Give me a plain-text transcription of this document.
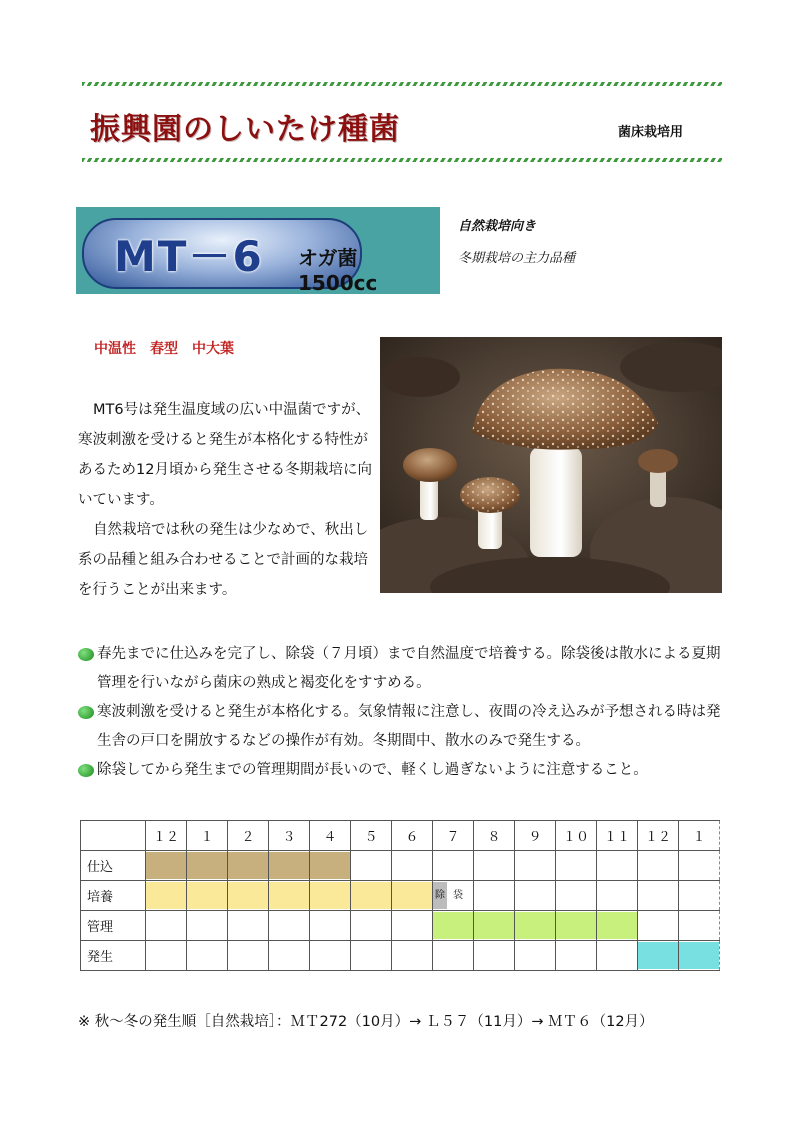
振興園のしいたけ種菌	菌床栽培用
MT－6 オガ菌 1500cc
自然栽培向き
冬期栽培の主力品種
中温性　春型　中大葉

MT6号は発生温度域の広い中温菌ですが、寒波刺激を受けると発生が本格化する特性があるため12月頃から発生させる冬期栽培に向いています。

自然栽培では秋の発生は少なめで、秋出し系の品種と組み合わせることで計画的な栽培を行うことが出来ます。

春先までに仕込みを完了し、除袋（７月頃）まで自然温度で培養する。除袋後は散水による夏期管理を行いながら菌床の熟成と褐変化をすすめる。
寒波刺激を受けると発生が本格化する。気象情報に注意し、夜間の冷え込みが予想される時は発生舎の戸口を開放するなどの操作が有効。冬期間中、散水のみで発生する。
除袋してから発生までの管理期間が長いので、軽くし過ぎないように注意すること。
	１２	１	２	３	４	５	６	７	８	９	１０	１１	１２	１
仕込	

培養								除 袋						

管理								

発生													

※ 秋～冬の発生順［自然栽培］：ＭＴ272（10月）→ Ｌ５７（11月）→ ＭＴ６（12月）
